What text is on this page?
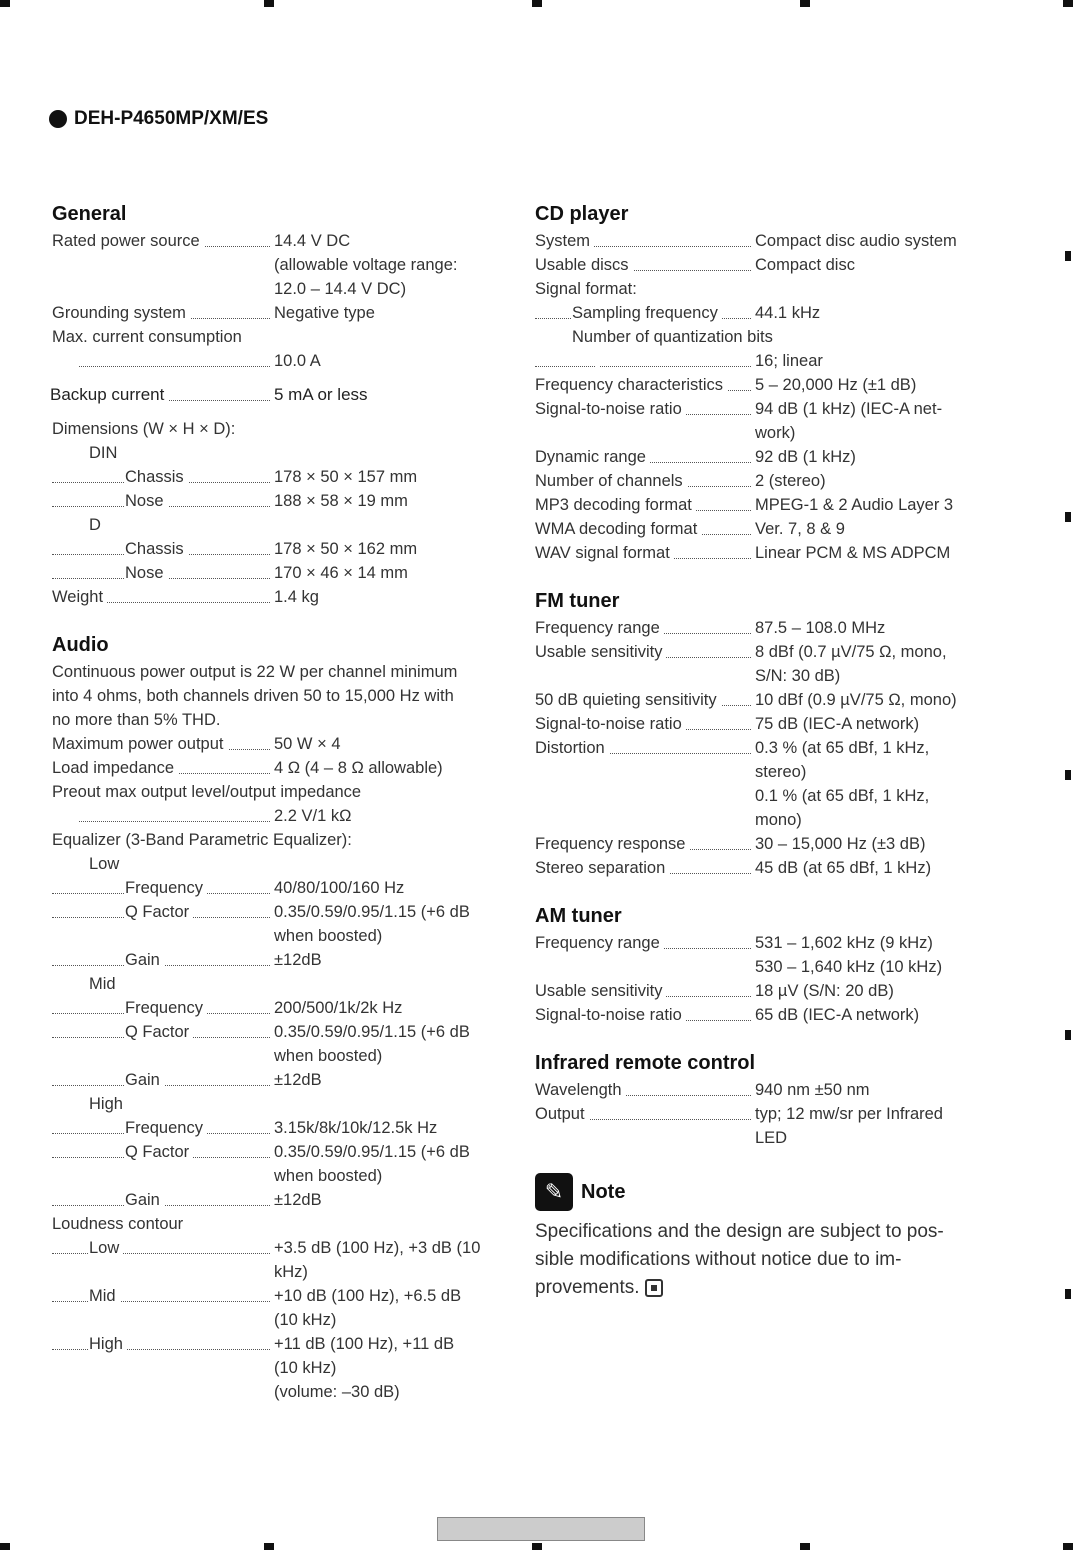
DEH-P4650MP/XM/ES
General
Rated power source	14.4 V DC
(allowable voltage range:
12.0 – 14.4 V DC)
Grounding system	Negative type
Max. current consumption
10.0 A
Backup current	5 mA or less
Dimensions (W × H × D):
DIN
Chassis	178 × 50 × 157 mm
Nose	188 × 58 × 19 mm
D
Chassis	178 × 50 × 162 mm
Nose	170 × 46 × 14 mm
Weight	1.4 kg
Audio
Continuous power output is 22 W per channel minimum
into 4 ohms, both channels driven 50 to 15,000 Hz with
no more than 5% THD.
Maximum power output	50 W × 4
Load impedance	4 Ω (4 – 8 Ω allowable)
Preout max output level/output impedance
2.2 V/1 kΩ
Equalizer (3-Band Parametric Equalizer):
Low
Frequency	40/80/100/160 Hz
Q Factor	0.35/0.59/0.95/1.15 (+6 dB
when boosted)
Gain	±12dB
Mid
Frequency	200/500/1k/2k Hz
Q Factor	0.35/0.59/0.95/1.15 (+6 dB
when boosted)
Gain	±12dB
High
Frequency	3.15k/8k/10k/12.5k Hz
Q Factor	0.35/0.59/0.95/1.15 (+6 dB
when boosted)
Gain	±12dB
Loudness contour
Low	+3.5 dB (100 Hz), +3 dB (10
kHz)
Mid	+10 dB (100 Hz), +6.5 dB
(10 kHz)
High	+11 dB (100 Hz), +11 dB
(10 kHz)
(volume: –30 dB)
CD player
System	Compact disc audio system
Usable discs	Compact disc
Signal format:
Sampling frequency	44.1 kHz
Number of quantization bits
16; linear
Frequency characteristics	5 – 20,000 Hz (±1 dB)
Signal-to-noise ratio	94 dB (1 kHz) (IEC-A net-
work)
Dynamic range	92 dB (1 kHz)
Number of channels	2 (stereo)
MP3 decoding format	MPEG-1 & 2 Audio Layer 3
WMA decoding format	Ver. 7, 8 & 9
WAV signal format	Linear PCM & MS ADPCM
FM tuner
Frequency range	87.5 – 108.0 MHz
Usable sensitivity	8 dBf (0.7 µV/75 Ω, mono,
S/N: 30 dB)
50 dB quieting sensitivity	10 dBf (0.9 µV/75 Ω, mono)
Signal-to-noise ratio	75 dB (IEC-A network)
Distortion	0.3 % (at 65 dBf, 1 kHz,
stereo)
0.1 % (at 65 dBf, 1 kHz,
mono)
Frequency response	30 – 15,000 Hz (±3 dB)
Stereo separation	45 dB (at 65 dBf, 1 kHz)
AM tuner
Frequency range	531 – 1,602 kHz (9 kHz)
530 – 1,640 kHz (10 kHz)
Usable sensitivity	18 µV (S/N: 20 dB)
Signal-to-noise ratio	65 dB (IEC-A network)
Infrared remote control
Wavelength	940 nm ±50 nm
Output	typ; 12 mw/sr per Infrared
LED
✎ Note
Specifications and the design are subject to pos-
sible modifications without notice due to im-
provements.
